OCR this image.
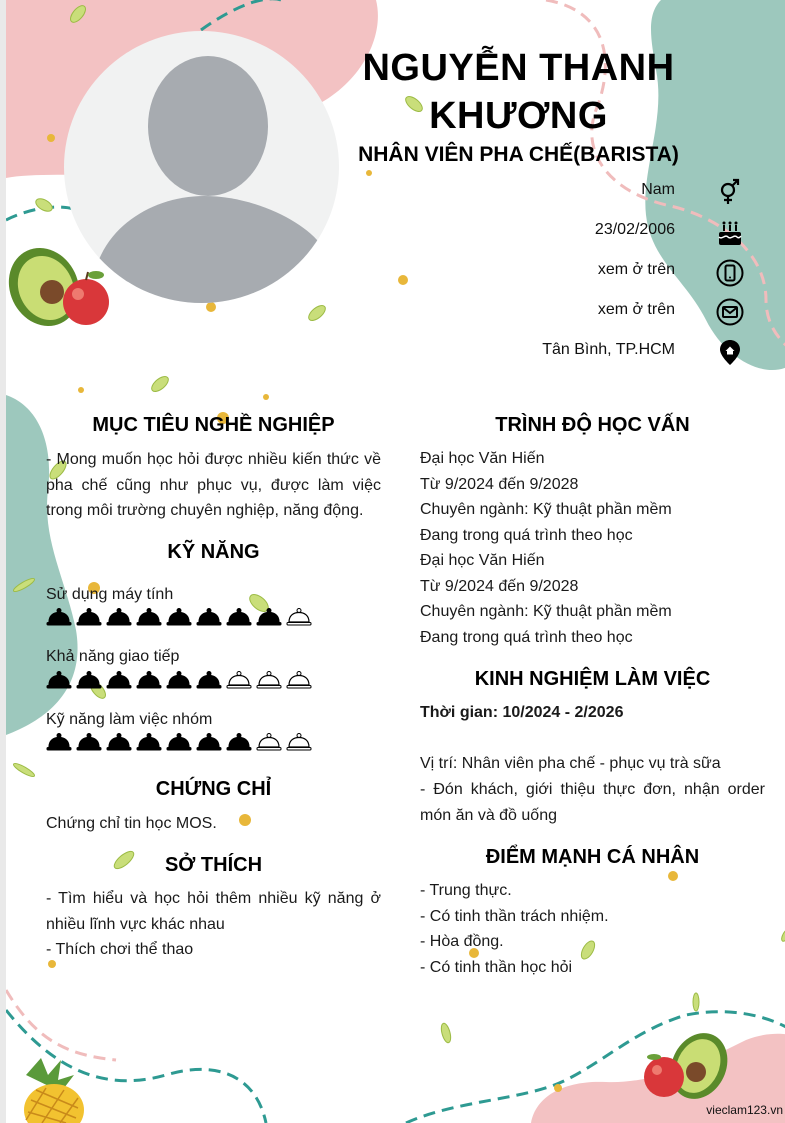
NGUYỄN THANH
KHƯƠNG
NHÂN VIÊN PHA CHẾ(BARISTA)
Nam
23/02/2006
xem ở trên
xem ở trên
Tân Bình, TP.HCM
MỤC TIÊU NGHỀ NGHIỆP
- Mong muốn học hỏi được nhiều kiến thức về pha chế cũng như phục vụ, được làm việc trong môi trường chuyên nghiệp, năng động.
KỸ NĂNG
Sử dụng máy tính
Khả năng giao tiếp
Kỹ năng làm việc nhóm
CHỨNG CHỈ
Chứng chỉ tin học MOS.
SỞ THÍCH
- Tìm hiểu và học hỏi thêm nhiều kỹ năng ở nhiều lĩnh vực khác nhau
- Thích chơi thể thao
TRÌNH ĐỘ HỌC VẤN
Đại học Văn Hiến
Từ 9/2024 đến 9/2028
Chuyên ngành: Kỹ thuật phần mềm
Đang trong quá trình theo học
Đại học Văn Hiến
Từ 9/2024 đến 9/2028
Chuyên ngành: Kỹ thuật phần mềm
Đang trong quá trình theo học
KINH NGHIỆM LÀM VIỆC
Thời gian: 10/2024 - 2/2026
Vị trí: Nhân viên pha chế - phục vụ trà sữa
- Đón khách, giới thiệu thực đơn, nhận order món ăn và đồ uống
ĐIỂM MẠNH CÁ NHÂN
- Trung thực.
- Có tinh thần trách nhiệm.
- Hòa đồng.
- Có tinh thần học hỏi
vieclam123.vn
